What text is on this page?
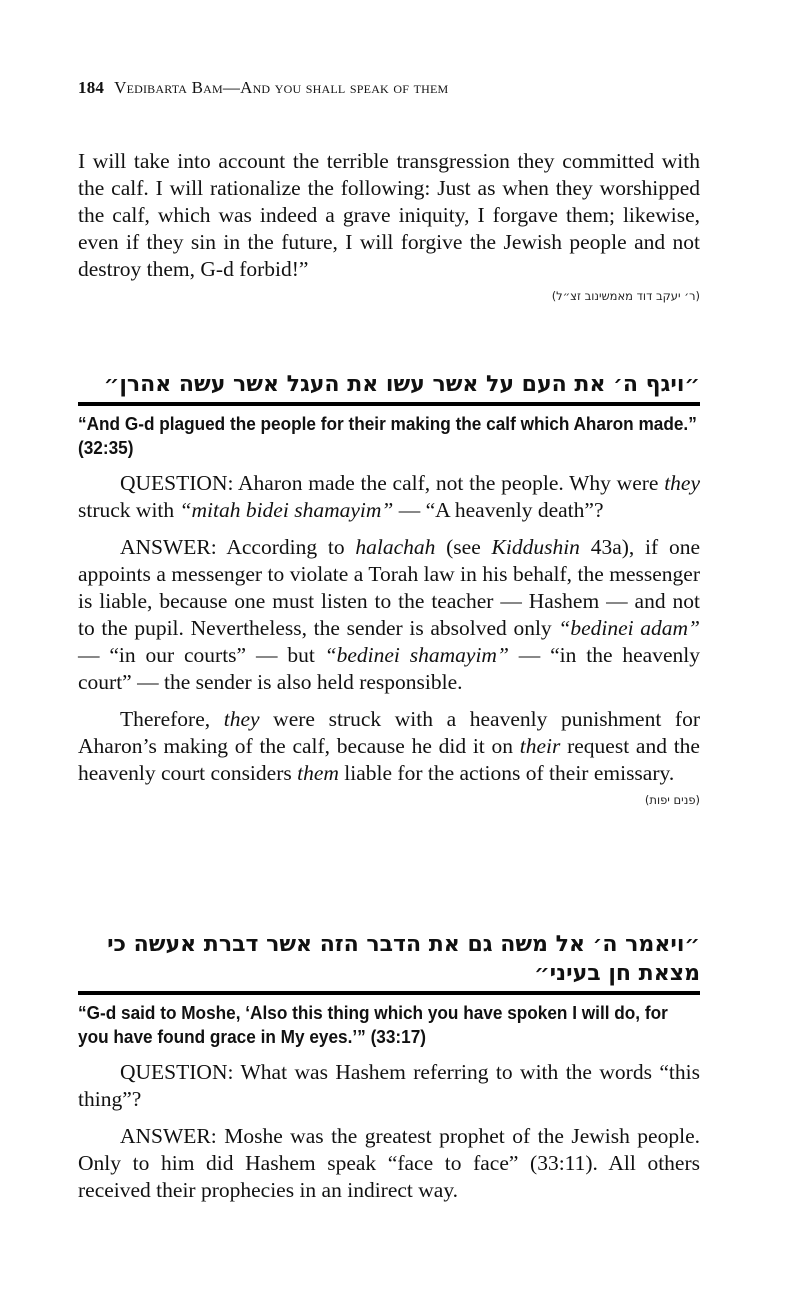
184 Vedibarta Bam—And you shall speak of them

I will take into account the terrible transgression they committed with the calf. I will rationalize the following: Just as when they worshipped the calf, which was indeed a grave iniquity, I forgave them; likewise, even if they sin in the future, I will forgive the Jewish people and not destroy them, G-d forbid!”

(ר׳ יעקב דוד מאמשינוב זצ״ל)
״ויגף ה׳ את העם על אשר עשו את העגל אשר עשה אהרן״
“And G-d plagued the people for their making the calf which Aharon made.” (32:35)

QUESTION: Aharon made the calf, not the people. Why were they struck with “mitah bidei shamayim” — “A heavenly death”?

ANSWER: According to halachah (see Kiddushin 43a), if one appoints a messenger to violate a Torah law in his behalf, the messenger is liable, because one must listen to the teacher — Hashem — and not to the pupil. Nevertheless, the sender is absolved only “bedinei adam” — “in our courts” — but “bedinei shamayim” — “in the heavenly court” — the sender is also held responsible.

Therefore, they were struck with a heavenly punishment for Aharon’s making of the calf, because he did it on their request and the heavenly court considers them liable for the actions of their emissary.

(פנים יפות)
״ויאמר ה׳ אל משה גם את הדבר הזה אשר דברת אעשה כי מצאת חן בעיני״
“G-d said to Moshe, ‘Also this thing which you have spoken I will do, for you have found grace in My eyes.’” (33:17)

QUESTION: What was Hashem referring to with the words “this thing”?

ANSWER: Moshe was the greatest prophet of the Jewish people. Only to him did Hashem speak “face to face” (33:11). All others received their prophecies in an indirect way.
